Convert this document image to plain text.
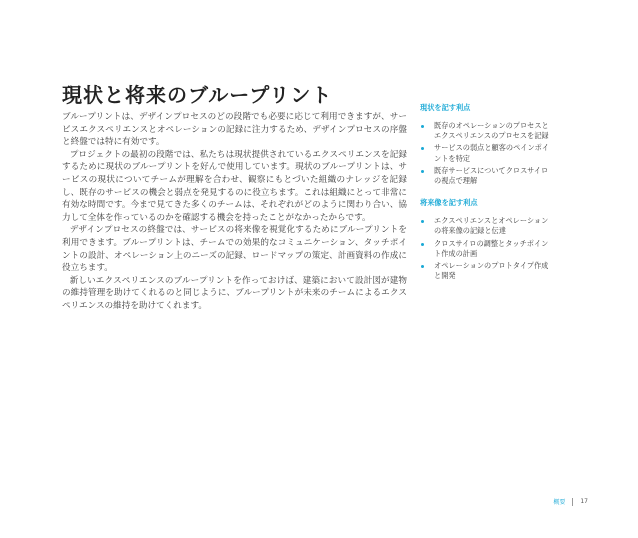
現状と将来のブループリント

ブループリントは、デザインプロセスのどの段階でも必要に応じて利用できますが、サービスエクスペリエンスとオペレーションの記録に注力するため、デザインプロセスの序盤と終盤では特に有効です。

プロジェクトの最初の段階では、私たちは現状提供されているエクスペリエンスを記録するために現状のブループリントを好んで使用しています。現状のブループリントは、サービスの現状についてチームが理解を合わせ、観察にもとづいた組織のナレッジを記録し、既存のサービスの機会と弱点を発見するのに役立ちます。これは組織にとって非常に有効な時間です。今まで見てきた多くのチームは、それぞれがどのように関わり合い、協力して全体を作っているのかを確認する機会を持ったことがなかったからです。

デザインプロセスの終盤では、サービスの将来像を視覚化するためにブループリントを利用できます。ブループリントは、チームでの効果的なコミュニケーション、タッチポイントの設計、オペレーション上のニーズの記録、ロードマップの策定、計画資料の作成に役立ちます。

新しいエクスペリエンスのブループリントを作っておけば、建築において設計図が建物の維持管理を助けてくれるのと同じように、ブループリントが未来のチームによるエクスペリエンスの維持を助けてくれます。

現状を記す利点
既存のオペレーションのプロセスとエクスペリエンスのプロセスを記録
サービスの弱点と顧客のペインポイントを特定
既存サービスについてクロスサイロの視点で理解
将来像を記す利点
エクスペリエンスとオペレーションの将来像の記録と伝達
クロスサイロの調整とタッチポイント作成の計画
オペレーションのプロトタイプ作成と開発
概要	17
